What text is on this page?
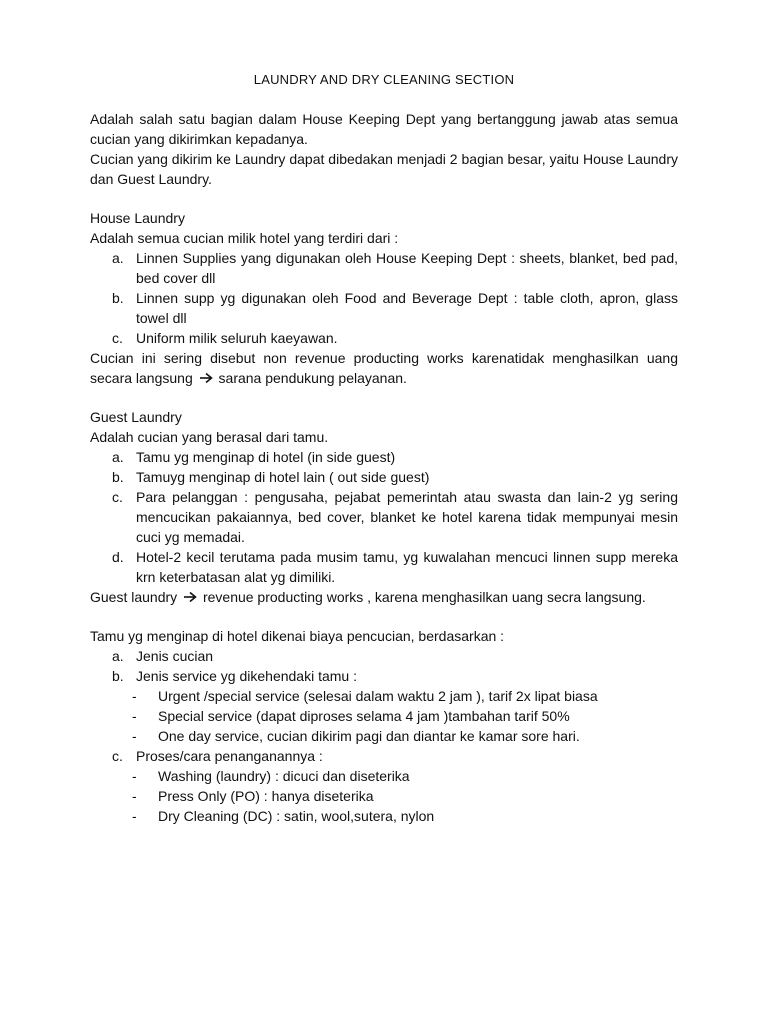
LAUNDRY AND DRY CLEANING SECTION

Adalah salah satu bagian dalam House Keeping Dept yang bertanggung jawab atas semua cucian yang dikirimkan kepadanya.

Cucian yang dikirim ke Laundry dapat dibedakan menjadi 2 bagian besar, yaitu House Laundry dan Guest Laundry.

House Laundry

Adalah semua cucian milik hotel yang terdiri dari :

a. Linnen Supplies yang digunakan oleh House Keeping Dept : sheets, blanket, bed pad, bed cover dll
b. Linnen supp yg digunakan oleh Food and Beverage Dept : table cloth, apron, glass towel dll
c. Uniform milik seluruh kaeyawan.

Cucian ini sering disebut non revenue producting works karenatidak menghasilkan uang secara langsung sarana pendukung pelayanan.

Guest Laundry

Adalah cucian yang berasal dari tamu.

a. Tamu yg menginap di hotel (in side guest)
b. Tamuyg menginap di hotel lain ( out side guest)
c. Para pelanggan : pengusaha, pejabat pemerintah atau swasta dan lain-2 yg sering mencucikan pakaiannya, bed cover, blanket ke hotel karena tidak mempunyai mesin cuci yg memadai.
d. Hotel-2 kecil terutama pada musim tamu, yg kuwalahan mencuci linnen supp mereka krn keterbatasan alat yg dimiliki.

Guest laundry revenue producting works , karena menghasilkan uang secra langsung.

Tamu yg menginap di hotel dikenai biaya pencucian, berdasarkan :

a. Jenis cucian
b. Jenis service yg dikehendaki tamu :
- Urgent /special service (selesai dalam waktu 2 jam ), tarif 2x lipat biasa
- Special service (dapat diproses selama 4 jam )tambahan tarif 50%
- One day service, cucian dikirim pagi dan diantar ke kamar sore hari.
c. Proses/cara penanganannya :
- Washing (laundry) : dicuci dan diseterika
- Press Only (PO) : hanya diseterika
- Dry Cleaning (DC) : satin, wool,sutera, nylon
